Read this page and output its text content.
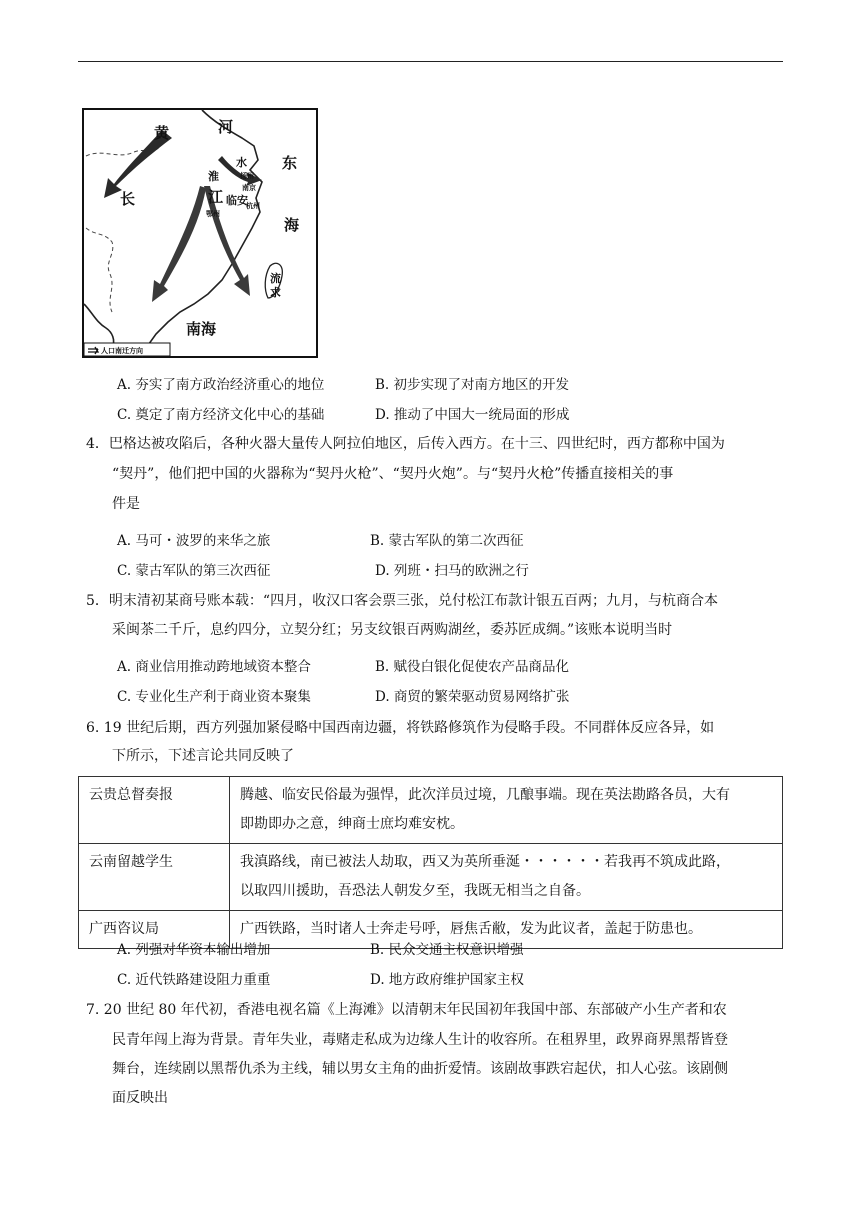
黄	河
东
海
长	江
淮
水
扬州
南京
鄂州
临安
杭州
流
求
南海
人口南迁方向
A. 夯实了南方政治经济重心的地位	B. 初步实现了对南方地区的开发
C. 奠定了南方经济文化中心的基础	D. 推动了中国大一统局面的形成
4．巴格达被攻陷后，各种火器大量传人阿拉伯地区，后传入西方。在十三、四世纪时，西方都称中国为
“契丹”，他们把中国的火器称为“契丹火枪”、“契丹火炮”。与“契丹火枪”传播直接相关的事
件是
A. 马可・波罗的来华之旅	B. 蒙古军队的第二次西征
C. 蒙古军队的第三次西征	D. 列班・扫马的欧洲之行
5．明末清初某商号账本载：“四月，收汉口客会票三张，兑付松江布款计银五百两；九月，与杭商合本
采闽茶二千斤，息约四分，立契分红；另支纹银百两购湖丝，委苏匠成绸。”该账本说明当时
A. 商业信用推动跨地域资本整合	B. 赋役白银化促使农产品商品化
C. 专业化生产利于商业资本聚集	D. 商贸的繁荣驱动贸易网络扩张
6. 19 世纪后期，西方列强加紧侵略中国西南边疆，将铁路修筑作为侵略手段。不同群体反应各异，如
下所示，下述言论共同反映了
云贵总督奏报	腾越、临安民俗最为强悍，此次洋员过境，几酿事端。现在英法勘路各员，大有
即勘即办之意，绅商士庶均难安枕。
云南留越学生	我滇路线，南已被法人劫取，西又为英所垂涎・・・・・・若我再不筑成此路，
以取四川援助，吾恐法人朝发夕至，我既无相当之自备。
广西咨议局	广西铁路，当时诸人士奔走号呼，唇焦舌敝，发为此议者，盖起于防患也。
A. 列强对华资本输出增加	B. 民众交通主权意识增强
C. 近代铁路建设阻力重重	D. 地方政府维护国家主权
7. 20 世纪 80 年代初，香港电视名篇《上海滩》以清朝末年民国初年我国中部、东部破产小生产者和农
民青年闯上海为背景。青年失业，毒赌走私成为边缘人生计的收容所。在租界里，政界商界黑帮皆登
舞台，连续剧以黑帮仇杀为主线，辅以男女主角的曲折爱情。该剧故事跌宕起伏，扣人心弦。该剧侧
面反映出
